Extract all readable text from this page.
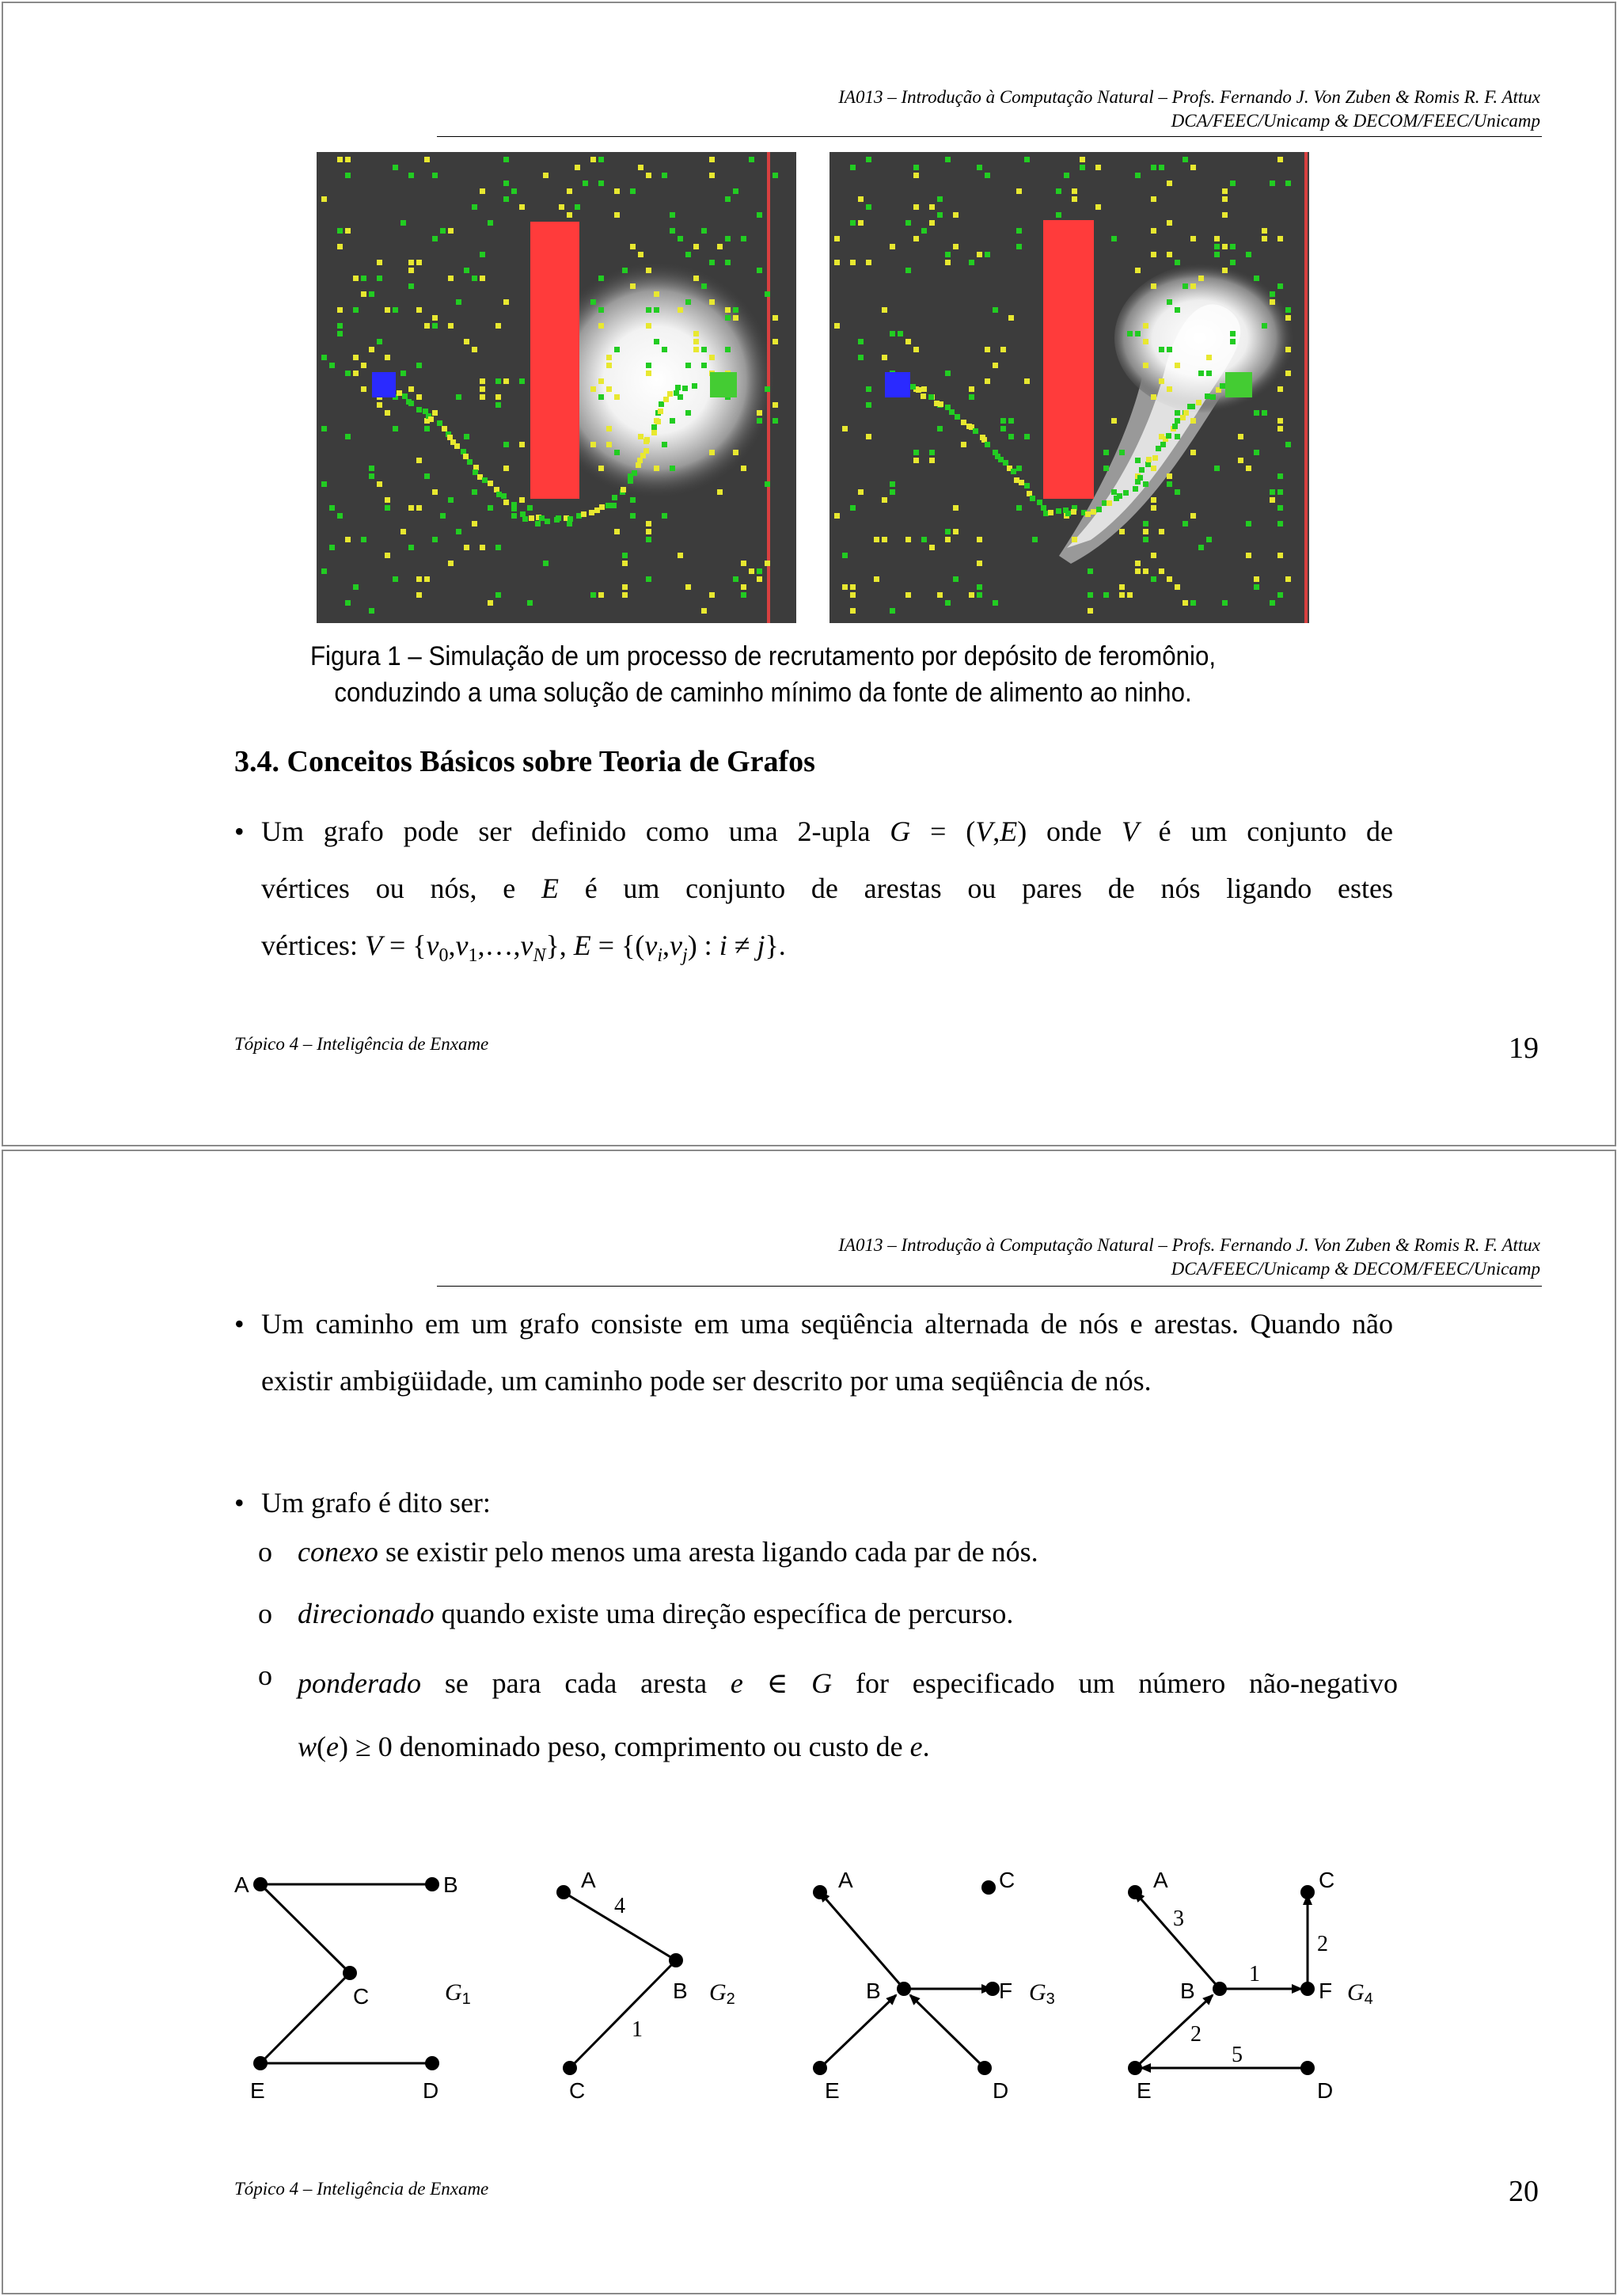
IA013 – Introdução à Computação Natural – Profs. Fernando J. Von Zuben & Romis R. F. Attux
DCA/FEEC/Unicamp & DECOM/FEEC/Unicamp
Figura 1 – Simulação de um processo de recrutamento por depósito de feromônio,
conduzindo a uma solução de caminho mínimo da fonte de alimento ao ninho.
3.4. Conceitos Básicos sobre Teoria de Grafos
• Um grafo pode ser definido como uma 2-upla G = (V,E) onde V é um conjunto de
vértices ou nós, e E é um conjunto de arestas ou pares de nós ligando estes
vértices: $V = \{v_0,v_1,\dots,v_N\}$, $E = \{(v_i,v_j)$ : i ≠ j}.
Tópico 4 – Inteligência de Enxame	19
IA013 – Introdução à Computação Natural – Profs. Fernando J. Von Zuben & Romis R. F. Attux
DCA/FEEC/Unicamp & DECOM/FEEC/Unicamp
• Um caminho em um grafo consiste em uma seqüência alternada de nós e arestas. Quando não existir ambigüidade, um caminho pode ser descrito por uma seqüência de nós.
• Um grafo é dito ser:
o conexo se existir pelo menos uma aresta ligando cada par de nós.
o direcionado quando existe uma direção específica de percurso.
o ponderado se para cada aresta e ∈ G for especificado um número não-negativo
w(e) ≥ 0 denominado peso, comprimento ou custo de e.
A	B
C
E	D
A
B
C
A	C
B	F
E	D
A	C
B	F
E	D
4
1
3
2
1
2
5
G1	G2	G3	G4
Tópico 4 – Inteligência de Enxame	20
